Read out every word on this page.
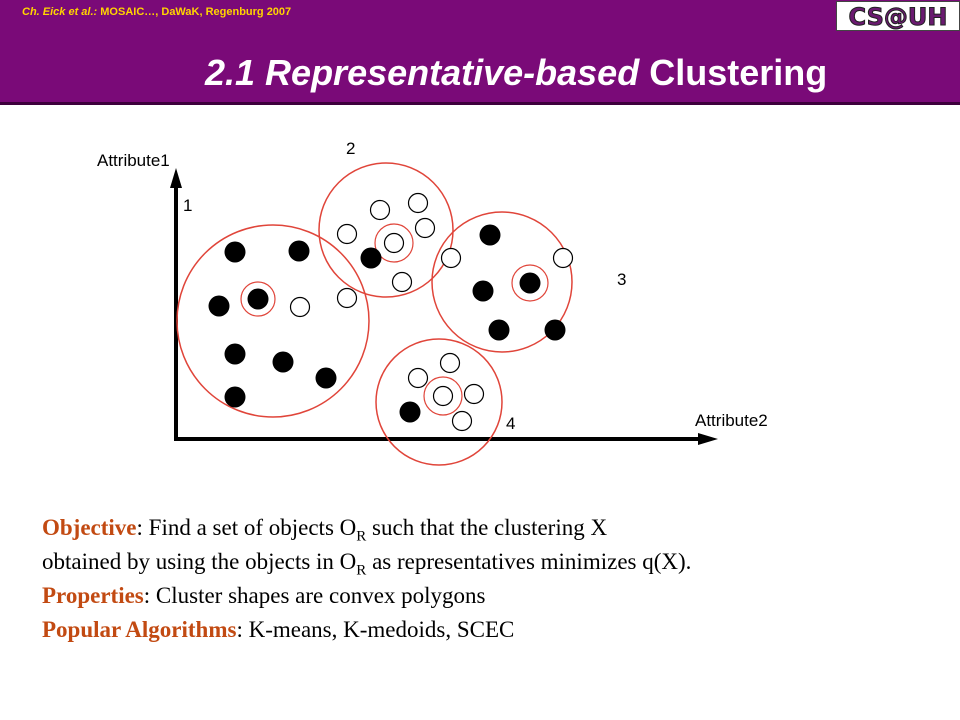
Ch. Eick et al.: MOSAIC…, DaWaK, Regenburg 2007	CS@UH
2.1 Representative-based Clustering
Attribute1
Attribute2
1
2
3
4
Objective: Find a set of objects $O_R$ such that the clustering X
obtained by using the objects in $O_R$ as representatives minimizes q(X).
Properties: Cluster shapes are convex polygons
Popular Algorithms: K-means, K-medoids, SCEC
